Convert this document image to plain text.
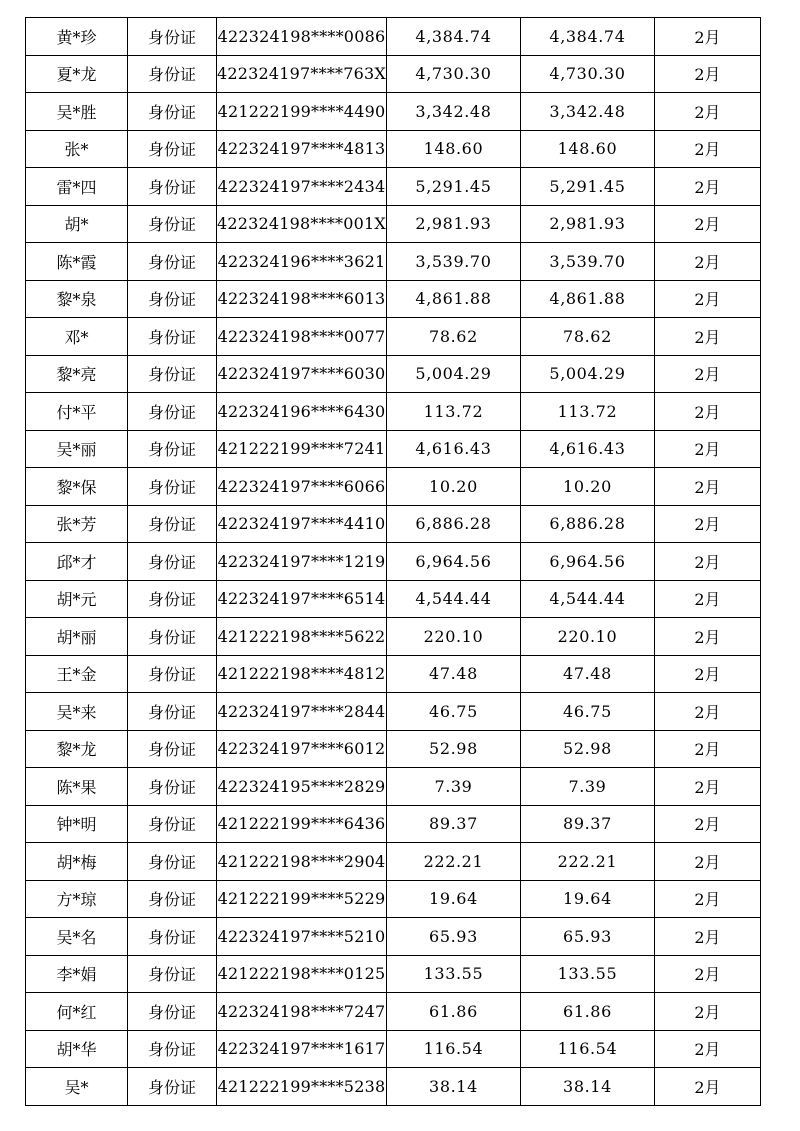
黄*珍	身份证	422324198****0086	4,384.74	4,384.74	2月
夏*龙	身份证	422324197****763X	4,730.30	4,730.30	2月
吴*胜	身份证	421222199****4490	3,342.48	3,342.48	2月
张*	身份证	422324197****4813	148.60	148.60	2月
雷*四	身份证	422324197****2434	5,291.45	5,291.45	2月
胡*	身份证	422324198****001X	2,981.93	2,981.93	2月
陈*霞	身份证	422324196****3621	3,539.70	3,539.70	2月
黎*泉	身份证	422324198****6013	4,861.88	4,861.88	2月
邓*	身份证	422324198****0077	78.62	78.62	2月
黎*亮	身份证	422324197****6030	5,004.29	5,004.29	2月
付*平	身份证	422324196****6430	113.72	113.72	2月
吴*丽	身份证	421222199****7241	4,616.43	4,616.43	2月
黎*保	身份证	422324197****6066	10.20	10.20	2月
张*芳	身份证	422324197****4410	6,886.28	6,886.28	2月
邱*才	身份证	422324197****1219	6,964.56	6,964.56	2月
胡*元	身份证	422324197****6514	4,544.44	4,544.44	2月
胡*丽	身份证	421222198****5622	220.10	220.10	2月
王*金	身份证	421222198****4812	47.48	47.48	2月
吴*来	身份证	422324197****2844	46.75	46.75	2月
黎*龙	身份证	422324197****6012	52.98	52.98	2月
陈*果	身份证	422324195****2829	7.39	7.39	2月
钟*明	身份证	421222199****6436	89.37	89.37	2月
胡*梅	身份证	421222198****2904	222.21	222.21	2月
方*琼	身份证	421222199****5229	19.64	19.64	2月
吴*名	身份证	422324197****5210	65.93	65.93	2月
李*娟	身份证	421222198****0125	133.55	133.55	2月
何*红	身份证	422324198****7247	61.86	61.86	2月
胡*华	身份证	422324197****1617	116.54	116.54	2月
吴*	身份证	421222199****5238	38.14	38.14	2月
